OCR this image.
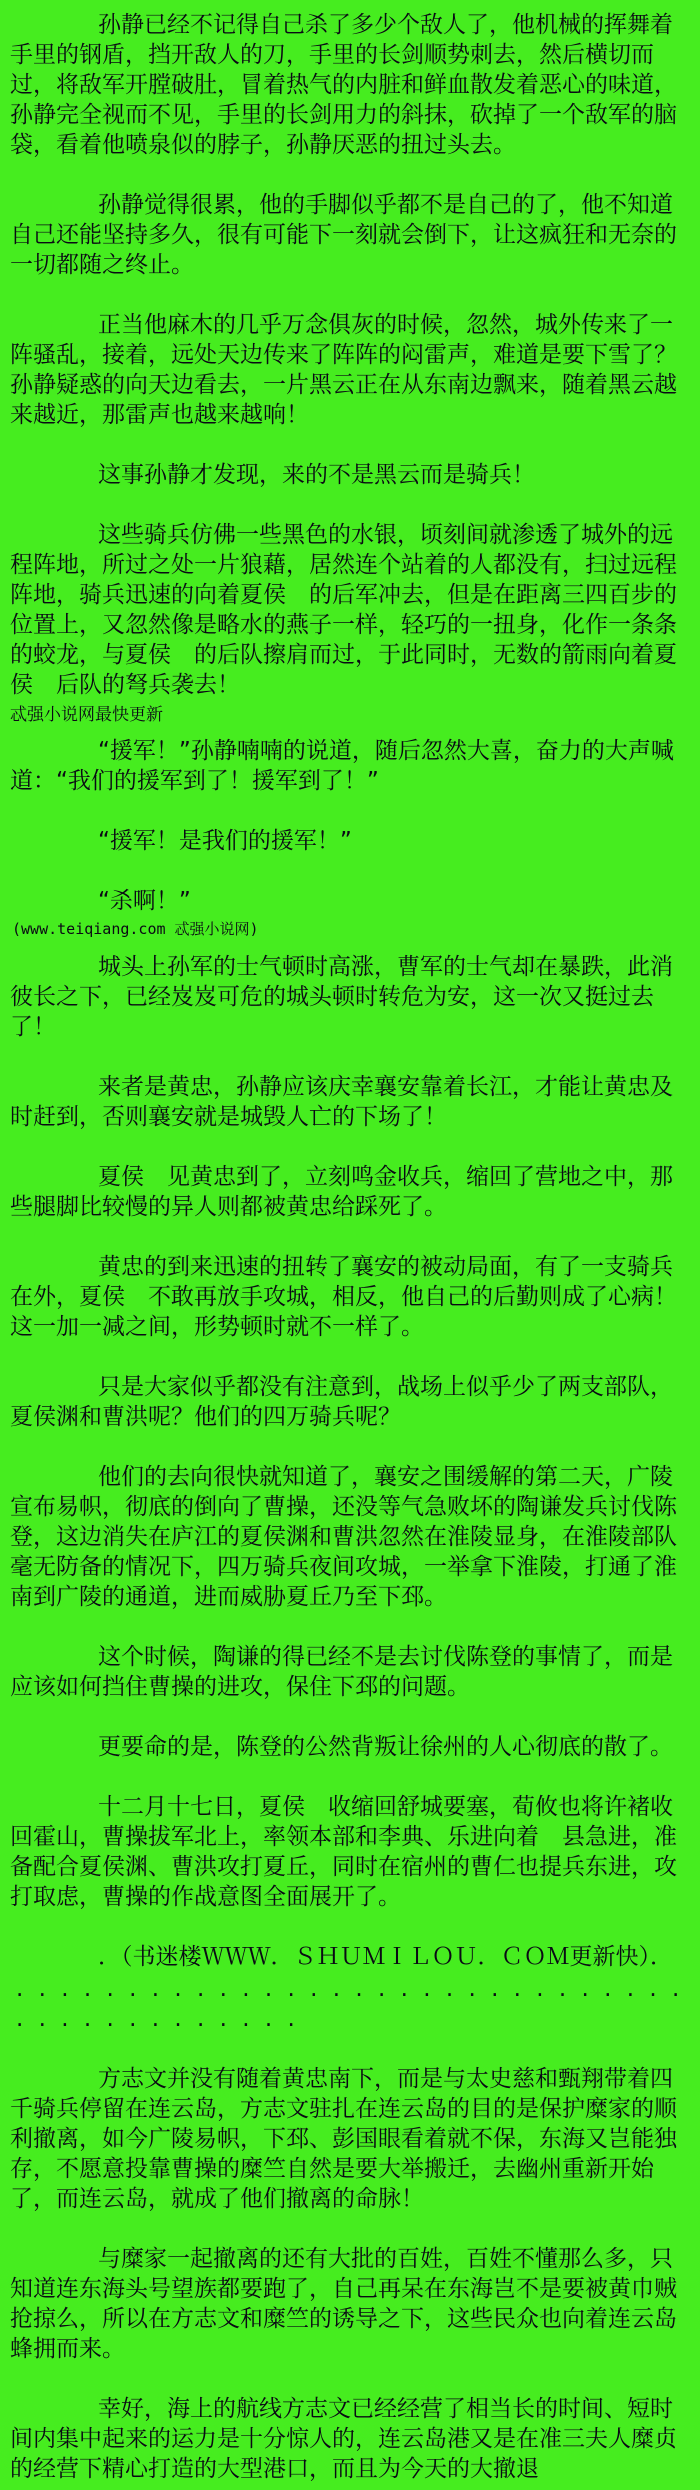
孙静已经不记得自己杀了多少个敌人了，他机械的挥舞着手里的钢盾，挡开敌人的刀，手里的长剑顺势刺去，然后横切而过，将敌军开膛破肚，冒着热气的内脏和鲜血散发着恶心的味道，孙静完全视而不见，手里的长剑用力的斜抹，砍掉了一个敌军的脑袋，看着他喷泉似的脖子，孙静厌恶的扭过头去。

孙静觉得很累，他的手脚似乎都不是自己的了，他不知道自己还能坚持多久，很有可能下一刻就会倒下，让这疯狂和无奈的一切都随之终止。

正当他麻木的几乎万念俱灰的时候，忽然，城外传来了一阵骚乱，接着，远处天边传来了阵阵的闷雷声，难道是要下雪了？孙静疑惑的向天边看去，一片黑云正在从东南边飘来，随着黑云越来越近，那雷声也越来越响！

这事孙静才发现，来的不是黑云而是骑兵！

这些骑兵仿佛一些黑色的水银，顷刻间就渗透了城外的远程阵地，所过之处一片狼藉，居然连个站着的人都没有，扫过远程阵地，骑兵迅速的向着夏侯　的后军冲去，但是在距离三四百步的位置上，又忽然像是略水的燕子一样，轻巧的一扭身，化作一条条的蛟龙，与夏侯　的后队擦肩而过，于此同时，无数的箭雨向着夏侯　后队的弩兵袭去！

忒强小说网最快更新

“援军！”孙静喃喃的说道，随后忽然大喜，奋力的大声喊道：“我们的援军到了！援军到了！”

“援军！是我们的援军！”

“杀啊！”

(www.teiqiang.com 忒强小说网)

城头上孙军的士气顿时高涨，曹军的士气却在暴跌，此消彼长之下，已经岌岌可危的城头顿时转危为安，这一次又挺过去了！

来者是黄忠，孙静应该庆幸襄安靠着长江，才能让黄忠及时赶到，否则襄安就是城毁人亡的下场了！

夏侯　见黄忠到了，立刻鸣金收兵，缩回了营地之中，那些腿脚比较慢的异人则都被黄忠给踩死了。

黄忠的到来迅速的扭转了襄安的被动局面，有了一支骑兵在外，夏侯　不敢再放手攻城，相反，他自己的后勤则成了心病！这一加一减之间，形势顿时就不一样了。

只是大家似乎都没有注意到，战场上似乎少了两支部队，夏侯渊和曹洪呢？他们的四万骑兵呢？

他们的去向很快就知道了，襄安之围缓解的第二天，广陵宣布易帜，彻底的倒向了曹操，还没等气急败坏的陶谦发兵讨伐陈登，这边消失在庐江的夏侯渊和曹洪忽然在淮陵显身，在淮陵部队毫无防备的情况下，四万骑兵夜间攻城，一举拿下淮陵，打通了淮南到广陵的通道，进而威胁夏丘乃至下邳。

这个时候，陶谦的得已经不是去讨伐陈登的事情了，而是应该如何挡住曹操的进攻，保住下邳的问题。

更要命的是，陈登的公然背叛让徐州的人心彻底的散了。

十二月十七日，夏侯　收缩回舒城要塞，荀攸也将许褚收回霍山，曹操拔军北上，率领本部和李典、乐进向着　县急进，准备配合夏侯渊、曹洪攻打夏丘，同时在宿州的曹仁也提兵东进，攻打取虑，曹操的作战意图全面展开了。

．（书迷楼ＷＷＷ．ＳＨＵＭＩＬＯＵ．ＣＯＭ更新快）．

. . . . . . . . . . . . . . . . . . . . . . . . . . . . . .
. . . . . . . . . . . . .

方志文并没有随着黄忠南下，而是与太史慈和甄翔带着四千骑兵停留在连云岛，方志文驻扎在连云岛的目的是保护糜家的顺利撤离，如今广陵易帜，下邳、彭国眼看着就不保，东海又岂能独存，不愿意投靠曹操的糜竺自然是要大举搬迁，去幽州重新开始了，而连云岛，就成了他们撤离的命脉！

与糜家一起撤离的还有大批的百姓，百姓不懂那么多，只知道连东海头号望族都要跑了，自己再呆在东海岂不是要被黄巾贼抢掠么，所以在方志文和糜竺的诱导之下，这些民众也向着连云岛蜂拥而来。

幸好，海上的航线方志文已经经营了相当长的时间、短时间内集中起来的运力是十分惊人的，连云岛港又是在准三夫人糜贞的经营下精心打造的大型港口，而且为今天的大撤退
